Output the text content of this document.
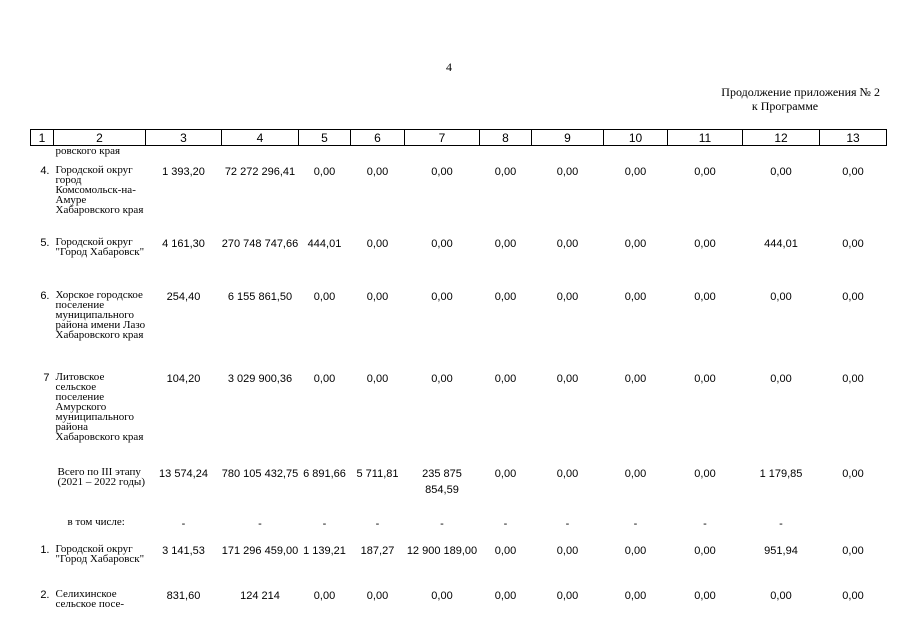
4
Продолжение приложения № 2
к Программе
1	2	3	4	5	6	7	8	9	10	11	12	13
	ровского края											
4.	Городской округ город Комсомольск-на-Амуре Хабаровского края	1 393,20	72 272 296,41	0,00	0,00	0,00	0,00	0,00	0,00	0,00	0,00	0,00
5.	Городской округ "Город Хабаровск"	4 161,30	270 748 747,66	444,01	0,00	0,00	0,00	0,00	0,00	0,00	444,01	0,00
6.	Хорское городское поселение муниципального района имени Лазо Хабаровского края	254,40	6 155 861,50	0,00	0,00	0,00	0,00	0,00	0,00	0,00	0,00	0,00
7	Литовское сельское поселение Амурского муниципального района Хабаровского края	104,20	3 029 900,36	0,00	0,00	0,00	0,00	0,00	0,00	0,00	0,00	0,00
	Всего по III этапу (2021 – 2022 годы)	13 574,24	780 105 432,75	6 891,66	5 711,81	235 875 854,59	0,00	0,00	0,00	0,00	1 179,85	0,00
	в том числе:	-	-	-	-	-	-	-	-	-	-	
1.	Городской округ "Город Хабаровск"	3 141,53	171 296 459,00	1 139,21	187,27	12 900 189,00	0,00	0,00	0,00	0,00	951,94	0,00
2.	Селихинское сельское посе-	831,60	124 214	0,00	0,00	0,00	0,00	0,00	0,00	0,00	0,00	0,00
